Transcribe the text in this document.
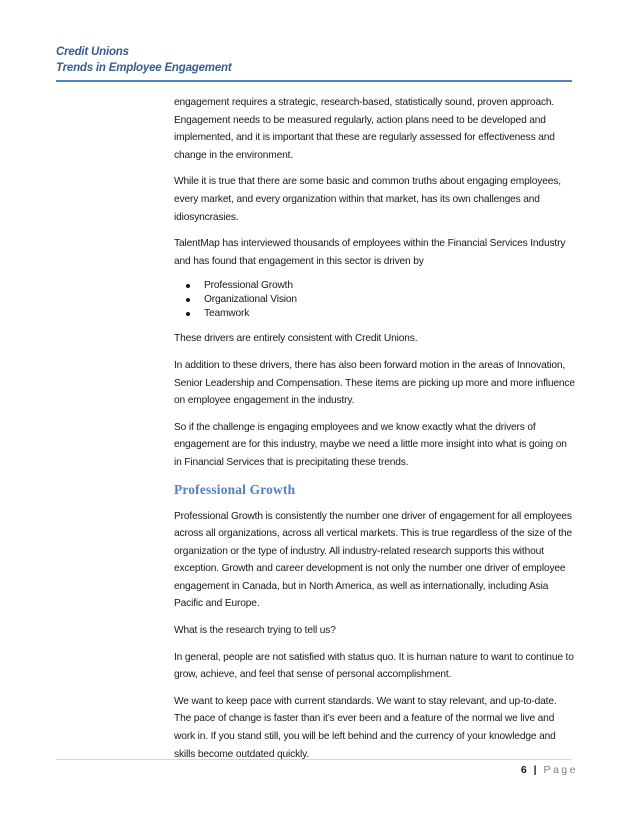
Credit Unions
Trends in Employee Engagement

engagement requires a strategic, research-based, statistically sound, proven approach. Engagement needs to be measured regularly, action plans need to be developed and implemented, and it is important that these are regularly assessed for effectiveness and change in the environment.

While it is true that there are some basic and common truths about engaging employees, every market, and every organization within that market, has its own challenges and idiosyncrasies.

TalentMap has interviewed thousands of employees within the Financial Services Industry and has found that engagement in this sector is driven by

Professional Growth
Organizational Vision
Teamwork

These drivers are entirely consistent with Credit Unions.

In addition to these drivers, there has also been forward motion in the areas of Innovation, Senior Leadership and Compensation. These items are picking up more and more influence on employee engagement in the industry.

So if the challenge is engaging employees and we know exactly what the drivers of engagement are for this industry, maybe we need a little more insight into what is going on in Financial Services that is precipitating these trends.

Professional Growth

Professional Growth is consistently the number one driver of engagement for all employees across all organizations, across all vertical markets. This is true regardless of the size of the organization or the type of industry. All industry-related research supports this without exception. Growth and career development is not only the number one driver of employee engagement in Canada, but in North America, as well as internationally, including Asia Pacific and Europe.

What is the research trying to tell us?

In general, people are not satisfied with status quo. It is human nature to want to continue to grow, achieve, and feel that sense of personal accomplishment.

We want to keep pace with current standards. We want to stay relevant, and up-to-date. The pace of change is faster than it’s ever been and a feature of the normal we live and work in. If you stand still, you will be left behind and the currency of your knowledge and skills become outdated quickly.

6 | Page
